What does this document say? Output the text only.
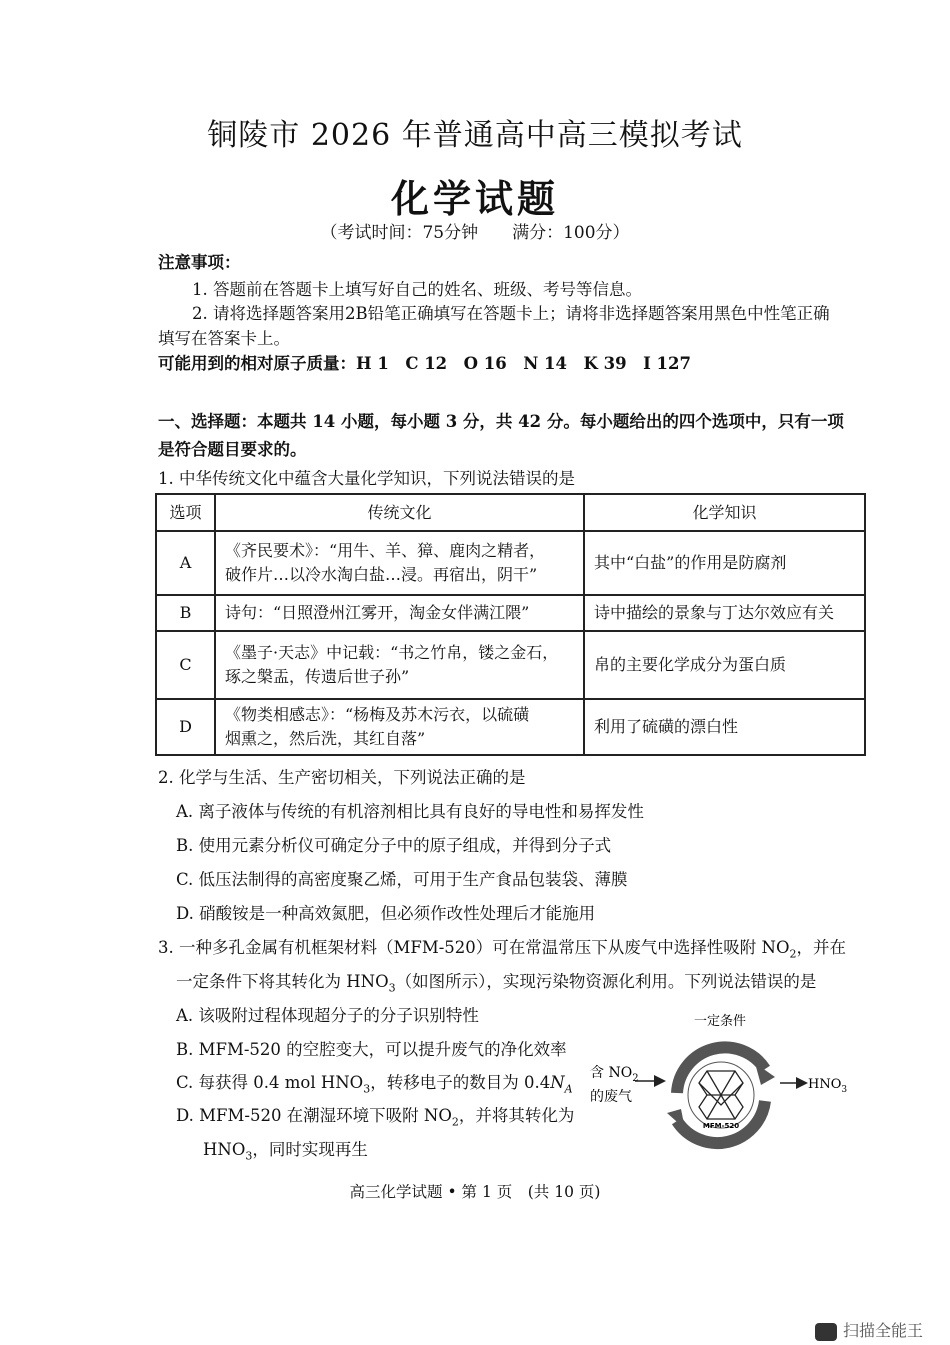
铜陵市 2026 年普通高中高三模拟考试
化学试题
（考试时间：75分钟　　满分：100分）
注意事项：
1. 答题前在答题卡上填写好自己的姓名、班级、考号等信息。
2. 请将选择题答案用2B铅笔正确填写在答题卡上；请将非选择题答案用黑色中性笔正确
填写在答案卡上。
可能用到的相对原子质量：H 1　C 12　O 16　N 14　K 39　I 127
一、选择题：本题共 14 小题，每小题 3 分，共 42 分。每小题给出的四个选项中，只有一项
是符合题目要求的。
1. 中华传统文化中蕴含大量化学知识，下列说法错误的是
选项	传统文化	化学知识
A	《齐民要术》：“用牛、羊、獐、鹿肉之精者，
破作片…以冷水淘白盐…浸。再宿出，阴干”	其中“白盐”的作用是防腐剂
B	诗句：“日照澄州江雾开，淘金女伴满江隈”	诗中描绘的景象与丁达尔效应有关
C	《墨子·天志》中记载：“书之竹帛，镂之金石，
琢之槃盂，传遗后世子孙”	帛的主要化学成分为蛋白质
D	《物类相感志》：“杨梅及苏木污衣，以硫磺
烟熏之，然后洗，其红自落”	利用了硫磺的漂白性
2. 化学与生活、生产密切相关，下列说法正确的是
A. 离子液体与传统的有机溶剂相比具有良好的导电性和易挥发性
B. 使用元素分析仪可确定分子中的原子组成，并得到分子式
C. 低压法制得的高密度聚乙烯，可用于生产食品包装袋、薄膜
D. 硝酸铵是一种高效氮肥，但必须作改性处理后才能施用
3. 一种多孔金属有机框架材料（MFM-520）可在常温常压下从废气中选择性吸附 $NO_2$，并在
一定条件下将其转化为 $HNO_3$（如图所示），实现污染物资源化利用。下列说法错误的是
A. 该吸附过程体现超分子的分子识别特性
B. MFM-520 的空腔变大，可以提升废气的净化效率
C. 每获得 0.4 mol $HNO_3$，转移电子的数目为 $0.4N_A$
D. MFM-520 在潮湿环境下吸附 $NO_2$，并将其转化为
$HNO_3$，同时实现再生
一定条件
MFM-520
含 $NO_2$
的废气
$HNO_3$
高三化学试题 • 第 1 页　(共 10 页)
扫描全能王
